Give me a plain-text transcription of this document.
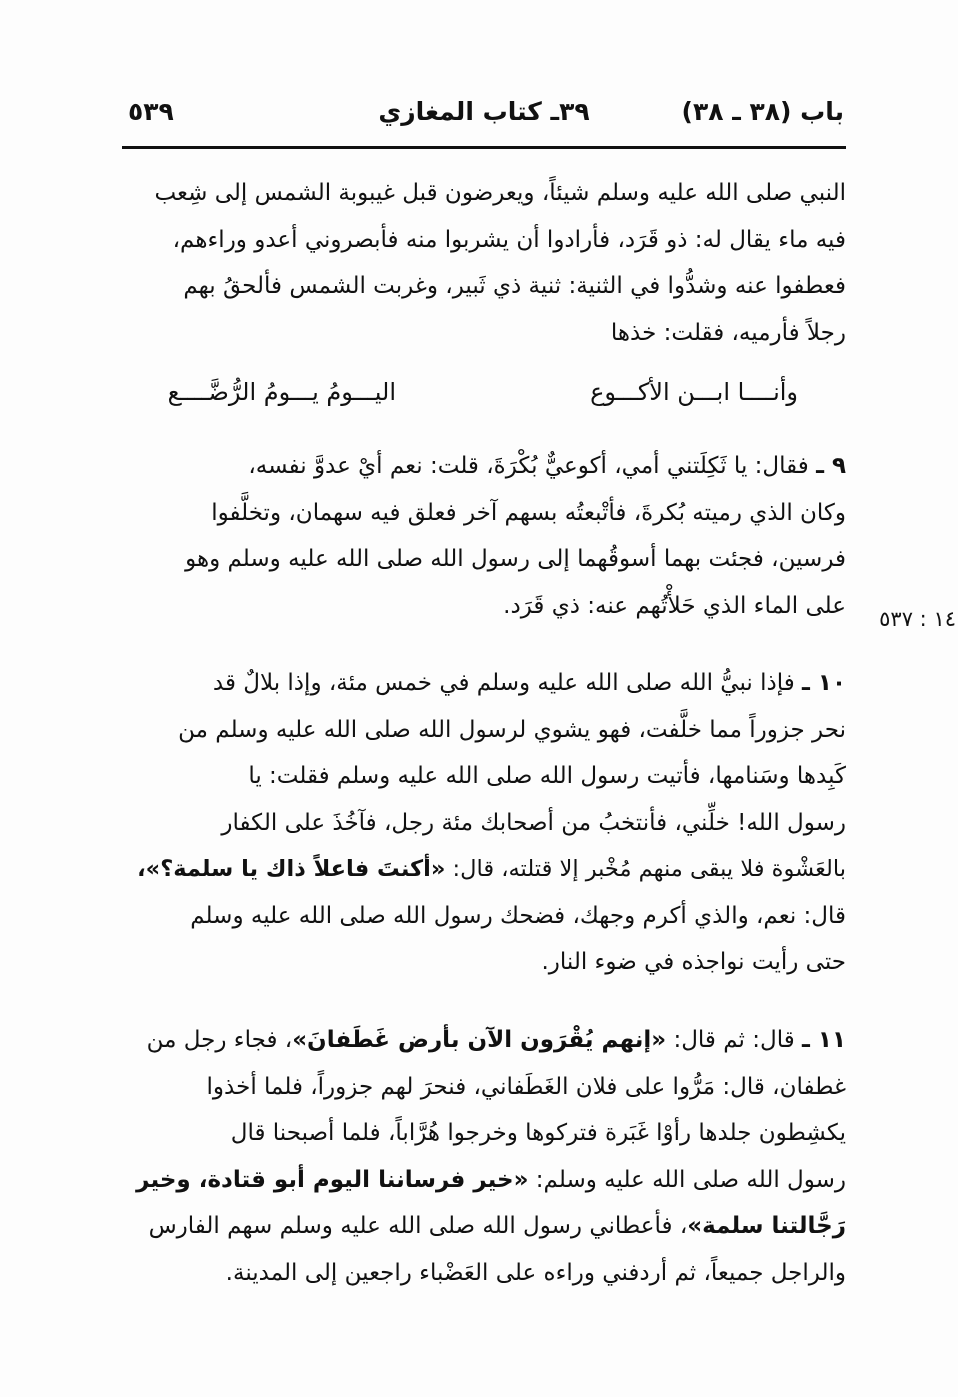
باب (٣٨ ـ ٣٨)
٣٩ـ كتاب المغازي
٥٣٩
النبي صلى الله عليه وسلم شيئاً، ويعرضون قبل غيبوبة الشمس إلى شِعب
فيه ماء يقال له: ذو قَرَد، فأرادوا أن يشربوا منه فأبصروني أعدو وراءهم،
فعطفوا عنه وشدُّوا في الثنية: ثنية ذي ثَبير، وغربت الشمس فألحقُ بهم
رجلاً فأرميه، فقلت: خذها
وأنــــا ابـــن الأكـــوع
اليـــومُ يـــومُ الرُّضَّــــع
٩ ـ فقال: يا ثَكِلَتني أمي، أكوعيٌّ بُكْرَةَ، قلت: نعم أيْ عدوَّ نفسه،
وكان الذي رميته بُكرةَ، فأتْبعتُه بسهم آخر فعلق فيه سهمان، وتخلَّفوا
فرسين، فجئت بهما أسوقُهما إلى رسول الله صلى الله عليه وسلم وهو
على الماء الذي حَلأْتُهم عنه: ذي قَرَد.
١٤ : ٥٣٧
١٠ ـ فإذا نبيُّ الله صلى الله عليه وسلم في خمس مئة، وإذا بلالٌ قد
نحر جزوراً مما خلَّفت، فهو يشوي لرسول الله صلى الله عليه وسلم من
كَبِدها وسَنامها، فأتيت رسول الله صلى الله عليه وسلم فقلت: يا
رسول الله! خلِّني، فأنتخبُ من أصحابك مئة رجل، فآخُذَ على الكفار
بالعَشْوة فلا يبقى منهم مُخْبر إلا قتلته، قال: «أكنتَ فاعلاً ذاك يا سلمة؟»،
قال: نعم، والذي أكرم وجهك، فضحك رسول الله صلى الله عليه وسلم
حتى رأيت نواجذه في ضوء النار.
١١ ـ قال: ثم قال: «إنهم يُقْرَون الآن بأرض غَطَفانَ»، فجاء رجل من
غطفان، قال: مَرُّوا على فلان الغَطَفاني، فنحرَ لهم جزوراً، فلما أخذوا
يكشِطون جلدها رأوْا غَبَرة فتركوها وخرجوا هُرَّاباً، فلما أصبحنا قال
رسول الله صلى الله عليه وسلم: «خير فرساننا اليوم أبو قتادة، وخير
رَجَّالتنا سلمة»، فأعطاني رسول الله صلى الله عليه وسلم سهم الفارس
والراجل جميعاً، ثم أردفني وراءه على العَضْباء راجعين إلى المدينة.
